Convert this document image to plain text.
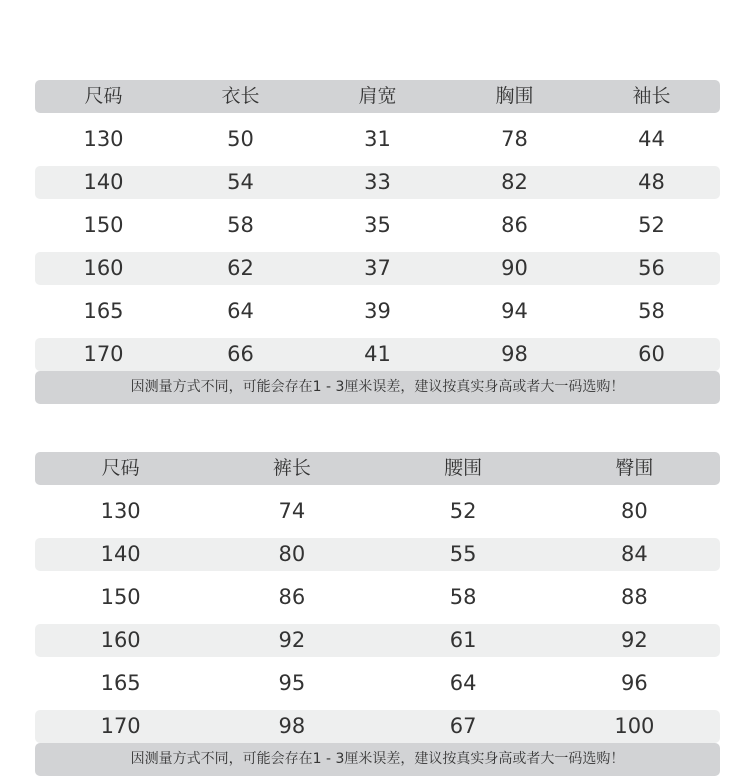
尺码	衣长	肩宽	胸围	袖长
130	50	31	78	44
140	54	33	82	48
150	58	35	86	52
160	62	37	90	56
165	64	39	94	58
170	66	41	98	60
因测量方式不同，可能会存在1 - 3厘米误差，建议按真实身高或者大一码选购！
尺码	裤长	腰围	臀围
130	74	52	80
140	80	55	84
150	86	58	88
160	92	61	92
165	95	64	96
170	98	67	100
因测量方式不同，可能会存在1 - 3厘米误差，建议按真实身高或者大一码选购！
